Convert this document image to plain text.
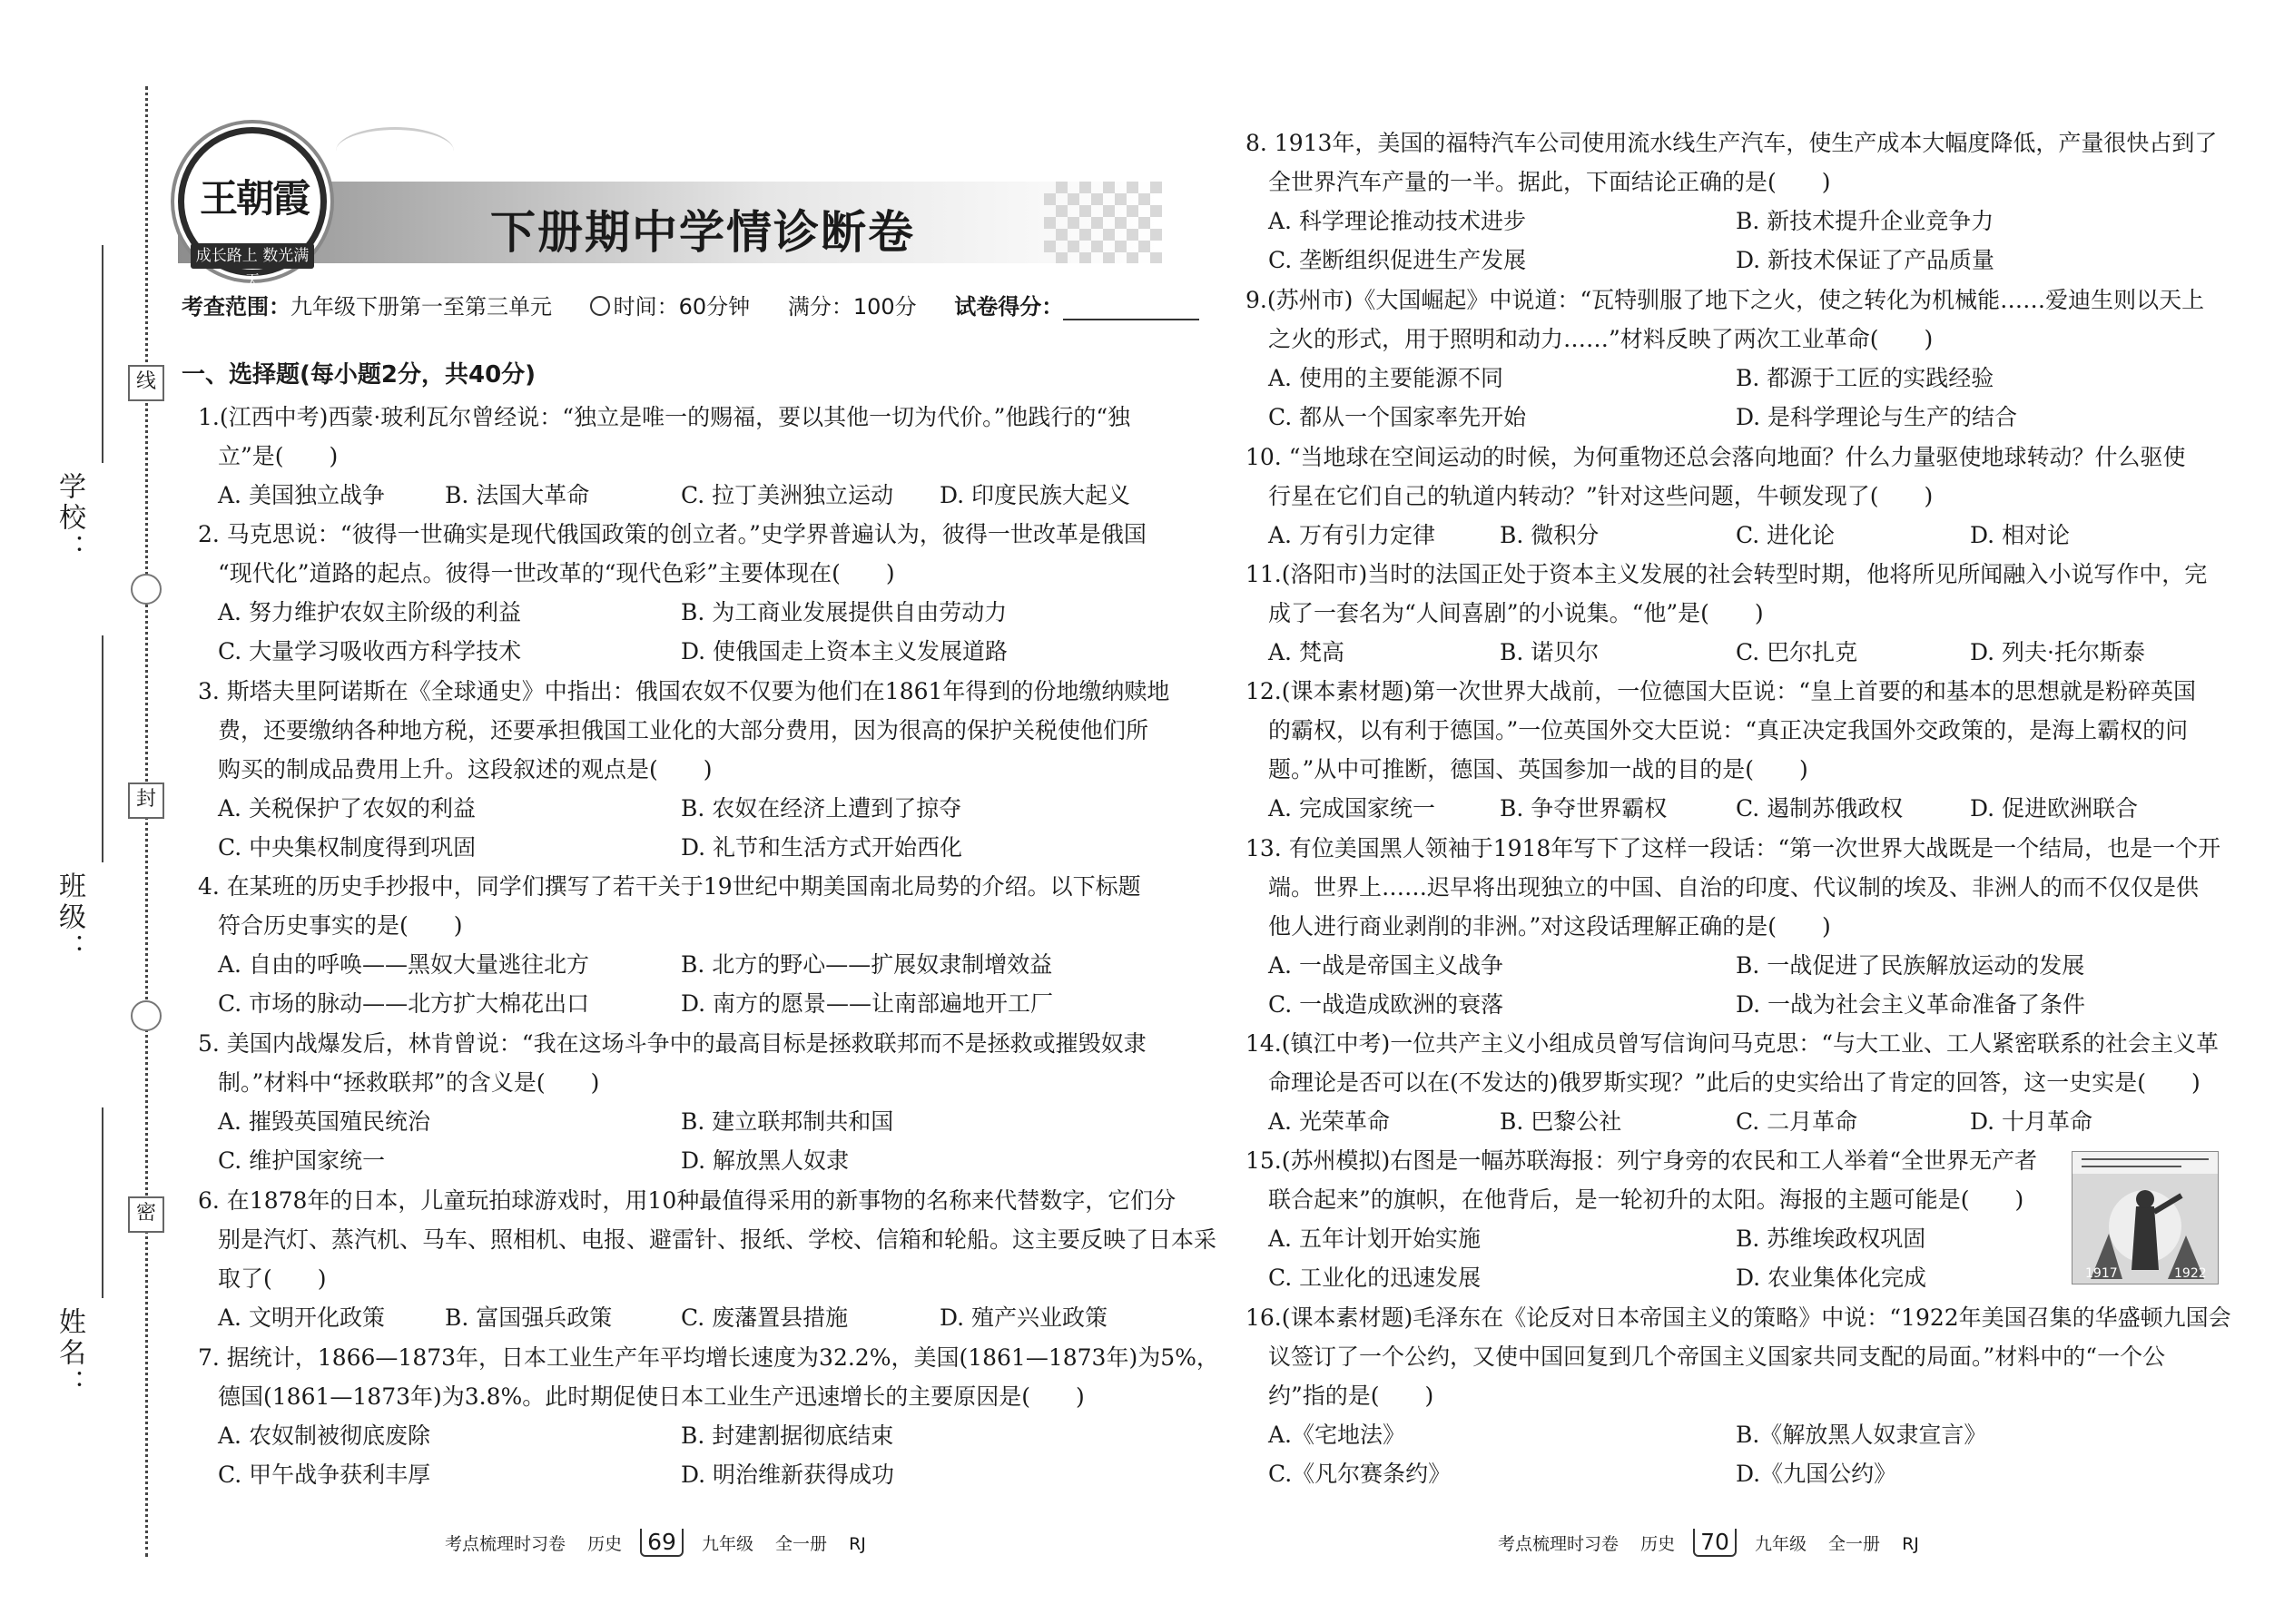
学校：
班级：
姓名：
线
封
密
王朝霞
成长路上 数光满天
下册期中学情诊断卷
考查范围：九年级下册第一至第三单元	时间：60分钟 满分：100分 试卷得分：
一、选择题(每小题2分，共40分)
1.(江西中考)西蒙·玻利瓦尔曾经说：“独立是唯一的赐福，要以其他一切为代价。”他践行的“独
立”是(　　)
A. 美国独立战争	B. 法国大革命	C. 拉丁美洲独立运动 D. 印度民族大起义
2. 马克思说：“彼得一世确实是现代俄国政策的创立者。”史学界普遍认为，彼得一世改革是俄国
“现代化”道路的起点。彼得一世改革的“现代色彩”主要体现在(　　)
A. 努力维护农奴主阶级的利益	B. 为工商业发展提供自由劳动力
C. 大量学习吸收西方科学技术	D. 使俄国走上资本主义发展道路
3. 斯塔夫里阿诺斯在《全球通史》中指出：俄国农奴不仅要为他们在1861年得到的份地缴纳赎地
费，还要缴纳各种地方税，还要承担俄国工业化的大部分费用，因为很高的保护关税使他们所
购买的制成品费用上升。这段叙述的观点是(　　)
A. 关税保护了农奴的利益	B. 农奴在经济上遭到了掠夺
C. 中央集权制度得到巩固	D. 礼节和生活方式开始西化
4. 在某班的历史手抄报中，同学们撰写了若干关于19世纪中期美国南北局势的介绍。以下标题
符合历史事实的是(　　)
A. 自由的呼唤——黑奴大量逃往北方	B. 北方的野心——扩展奴隶制增效益
C. 市场的脉动——北方扩大棉花出口	D. 南方的愿景——让南部遍地开工厂
5. 美国内战爆发后，林肯曾说：“我在这场斗争中的最高目标是拯救联邦而不是拯救或摧毁奴隶
制。”材料中“拯救联邦”的含义是(　　)
A. 摧毁英国殖民统治	B. 建立联邦制共和国
C. 维护国家统一	D. 解放黑人奴隶
6. 在1878年的日本，儿童玩拍球游戏时，用10种最值得采用的新事物的名称来代替数字，它们分
别是汽灯、蒸汽机、马车、照相机、电报、避雷针、报纸、学校、信箱和轮船。这主要反映了日本采
取了(　　)
A. 文明开化政策	B. 富国强兵政策	C. 废藩置县措施	D. 殖产兴业政策
7. 据统计，1866—1873年，日本工业生产年平均增长速度为32.2%，美国(1861—1873年)为5%，
德国(1861—1873年)为3.8%。此时期促使日本工业生产迅速增长的主要原因是(　　)
A. 农奴制被彻底废除	B. 封建割据彻底结束
C. 甲午战争获利丰厚	D. 明治维新获得成功
8. 1913年，美国的福特汽车公司使用流水线生产汽车，使生产成本大幅度降低，产量很快占到了
全世界汽车产量的一半。据此，下面结论正确的是(　　)
A. 科学理论推动技术进步	B. 新技术提升企业竞争力
C. 垄断组织促进生产发展	D. 新技术保证了产品质量
9.(苏州市)《大国崛起》中说道：“瓦特驯服了地下之火，使之转化为机械能……爱迪生则以天上
之火的形式，用于照明和动力……”材料反映了两次工业革命(　　)
A. 使用的主要能源不同	B. 都源于工匠的实践经验
C. 都从一个国家率先开始	D. 是科学理论与生产的结合
10. “当地球在空间运动的时候，为何重物还总会落向地面？什么力量驱使地球转动？什么驱使
行星在它们自己的轨道内转动？”针对这些问题，牛顿发现了(　　)
A. 万有引力定律	B. 微积分	C. 进化论	D. 相对论
11.(洛阳市)当时的法国正处于资本主义发展的社会转型时期，他将所见所闻融入小说写作中，完
成了一套名为“人间喜剧”的小说集。“他”是(　　)
A. 梵高	B. 诺贝尔	C. 巴尔扎克	D. 列夫·托尔斯泰
12.(课本素材题)第一次世界大战前，一位德国大臣说：“皇上首要的和基本的思想就是粉碎英国
的霸权，以有利于德国。”一位英国外交大臣说：“真正决定我国外交政策的，是海上霸权的问
题。”从中可推断，德国、英国参加一战的目的是(　　)
A. 完成国家统一	B. 争夺世界霸权	C. 遏制苏俄政权	D. 促进欧洲联合
13. 有位美国黑人领袖于1918年写下了这样一段话：“第一次世界大战既是一个结局，也是一个开
端。世界上……迟早将出现独立的中国、自治的印度、代议制的埃及、非洲人的而不仅仅是供
他人进行商业剥削的非洲。”对这段话理解正确的是(　　)
A. 一战是帝国主义战争	B. 一战促进了民族解放运动的发展
C. 一战造成欧洲的衰落	D. 一战为社会主义革命准备了条件
14.(镇江中考)一位共产主义小组成员曾写信询问马克思：“与大工业、工人紧密联系的社会主义革
命理论是否可以在(不发达的)俄罗斯实现？”此后的史实给出了肯定的回答，这一史实是(　　)
A. 光荣革命	B. 巴黎公社	C. 二月革命	D. 十月革命
15.(苏州模拟)右图是一幅苏联海报：列宁身旁的农民和工人举着“全世界无产者
联合起来”的旗帜，在他背后，是一轮初升的太阳。海报的主题可能是(　　)
A. 五年计划开始实施	B. 苏维埃政权巩固
C. 工业化的迅速发展	D. 农业集体化完成
16.(课本素材题)毛泽东在《论反对日本帝国主义的策略》中说：“1922年美国召集的华盛顿九国会
议签订了一个公约，又使中国回复到几个帝国主义国家共同支配的局面。”材料中的“一个公
约”指的是(　　)
A.《宅地法》	B.《解放黑人奴隶宣言》
C.《凡尔赛条约》	D.《九国公约》
1917	1922
考点梳理时习卷 历史 69 九年级 全一册 RJ	考点梳理时习卷 历史 70 九年级 全一册 RJ
